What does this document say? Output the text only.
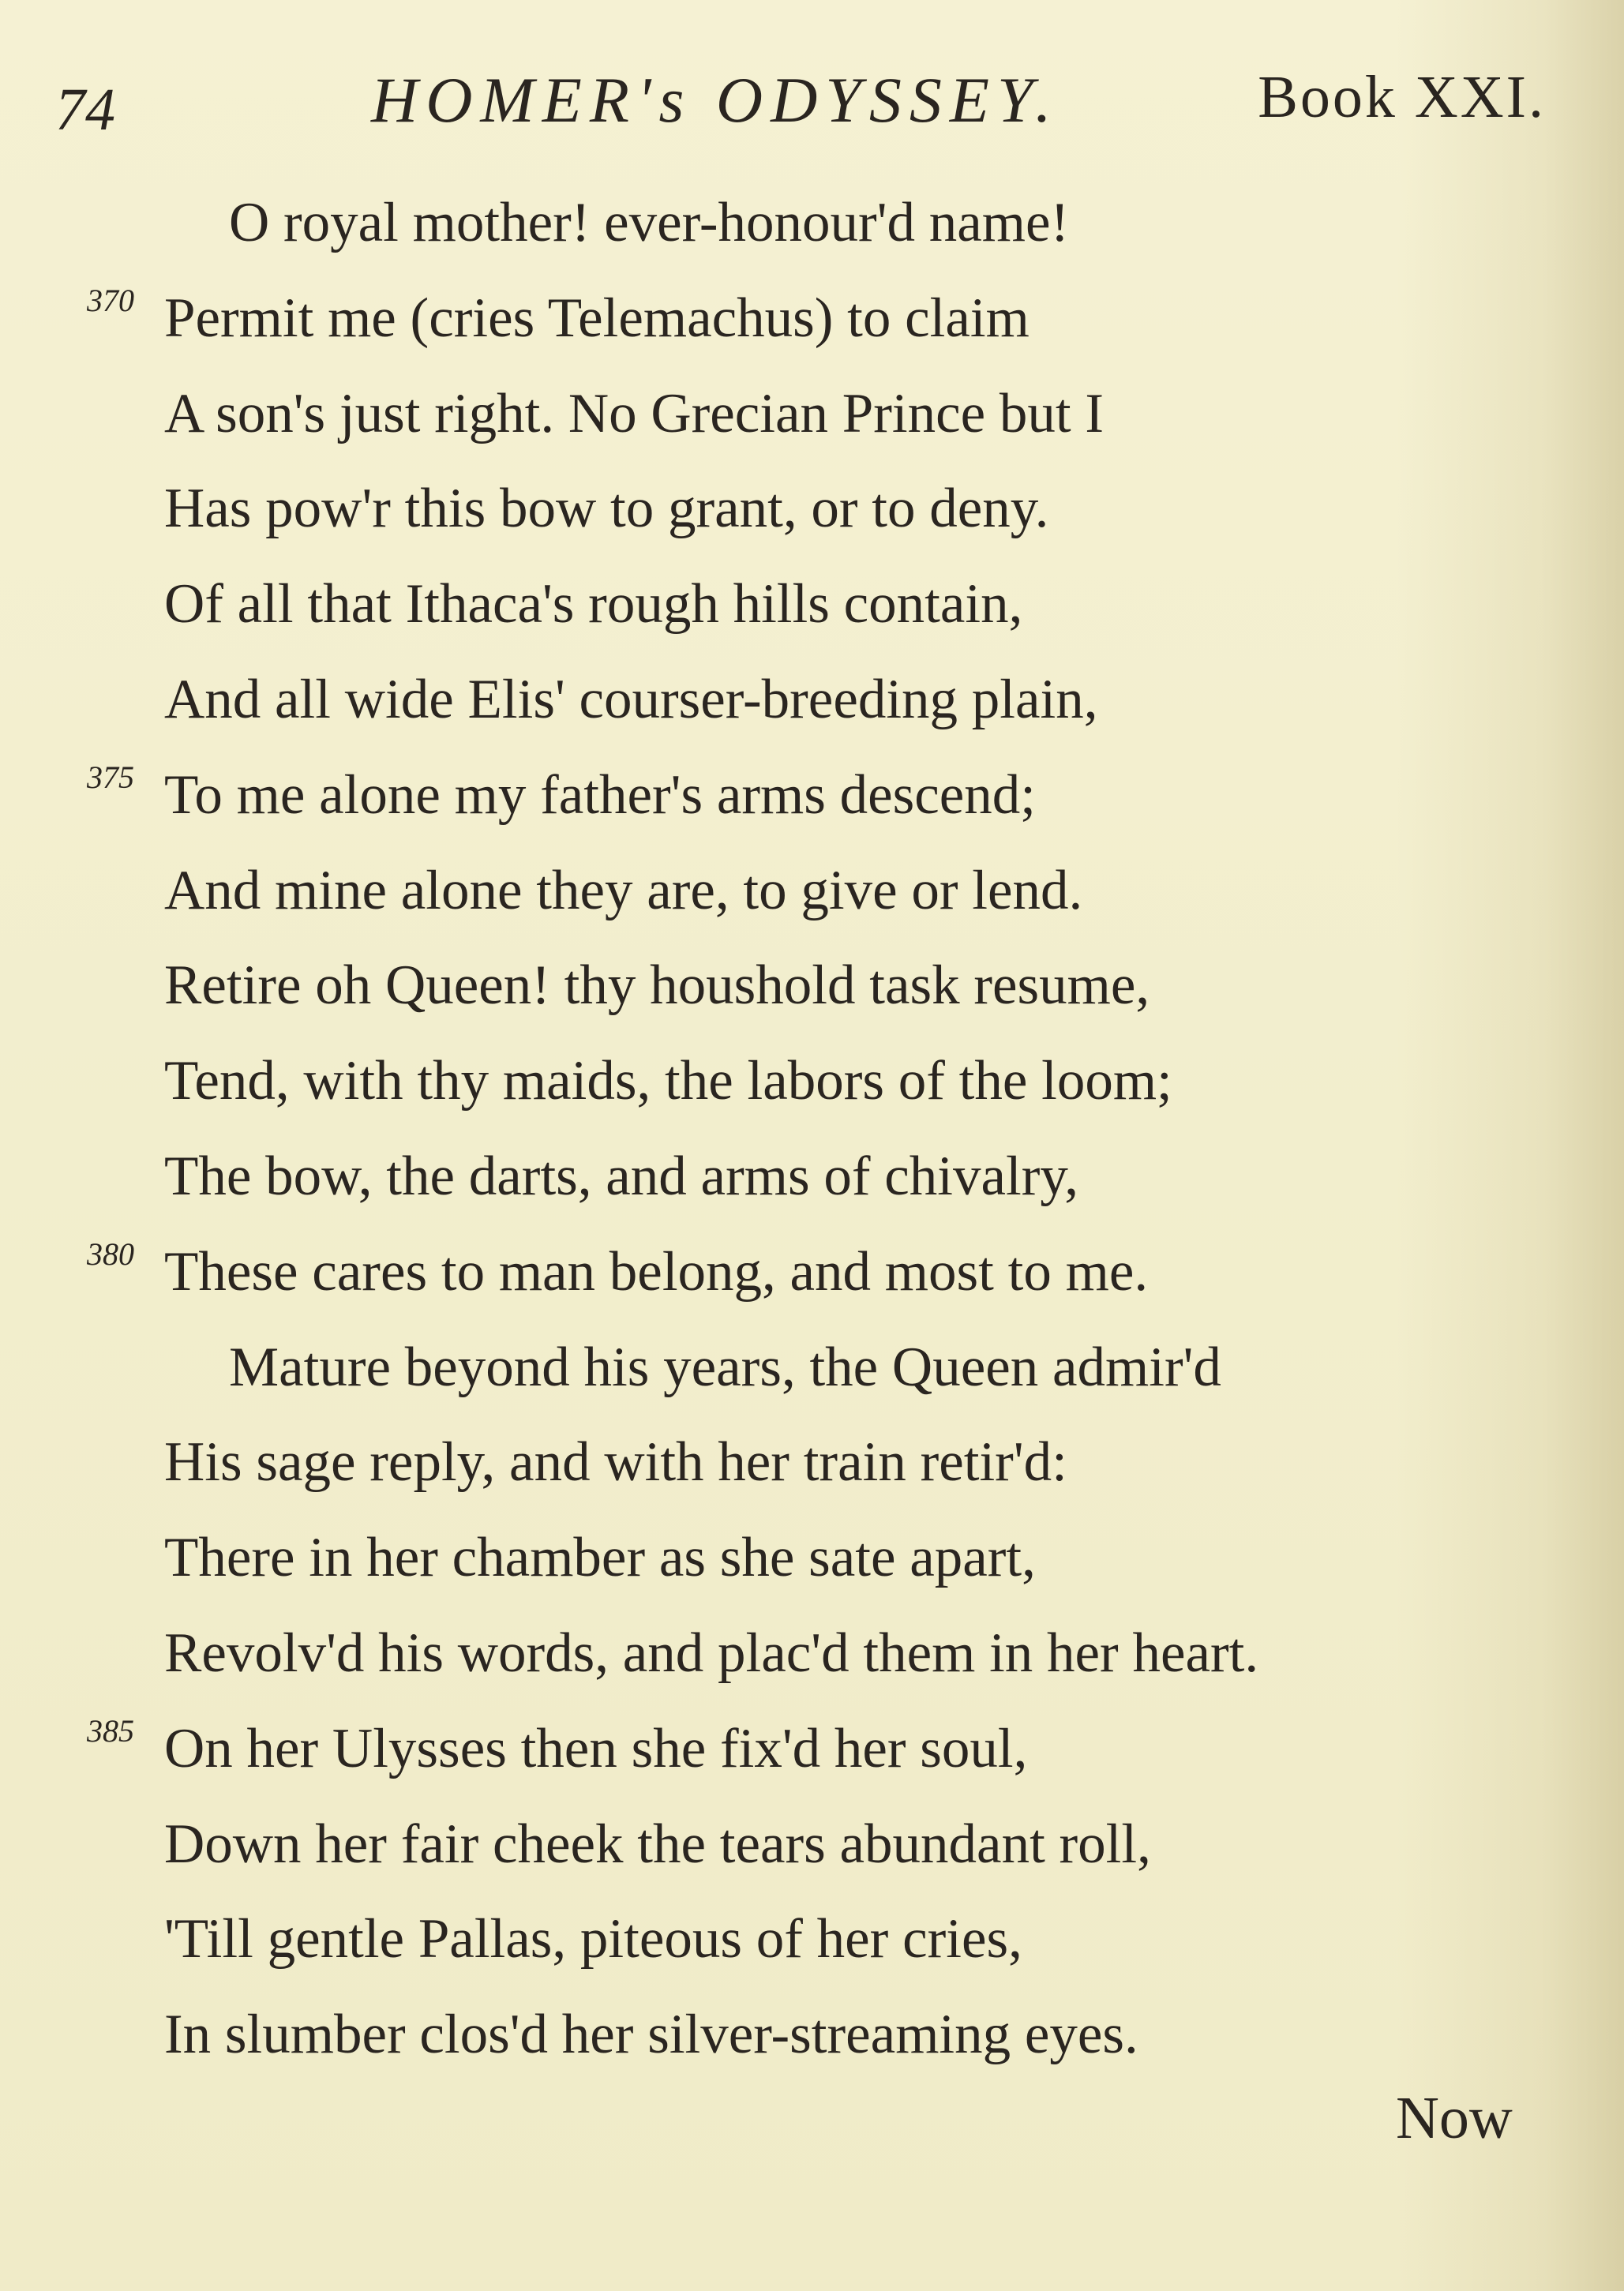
74	HOMER's ODYSSEY.	Book XXI.
O royal mother! ever-honour'd name!
370 Permit me (cries Telemachus) to claim
A son's just right. No Grecian Prince but I
Has pow'r this bow to grant, or to deny.
Of all that Ithaca's rough hills contain,
And all wide Elis' courser-breeding plain,
375 To me alone my father's arms descend;
And mine alone they are, to give or lend.
Retire oh Queen! thy houshold task resume,
Tend, with thy maids, the labors of the loom;
The bow, the darts, and arms of chivalry,
380 These cares to man belong, and most to me.
Mature beyond his years, the Queen admir'd
His sage reply, and with her train retir'd:
There in her chamber as she sate apart,
Revolv'd his words, and plac'd them in her heart.
385 On her Ulysses then she fix'd her soul,
Down her fair cheek the tears abundant roll,
'Till gentle Pallas, piteous of her cries,
In slumber clos'd her silver-streaming eyes.
Now
